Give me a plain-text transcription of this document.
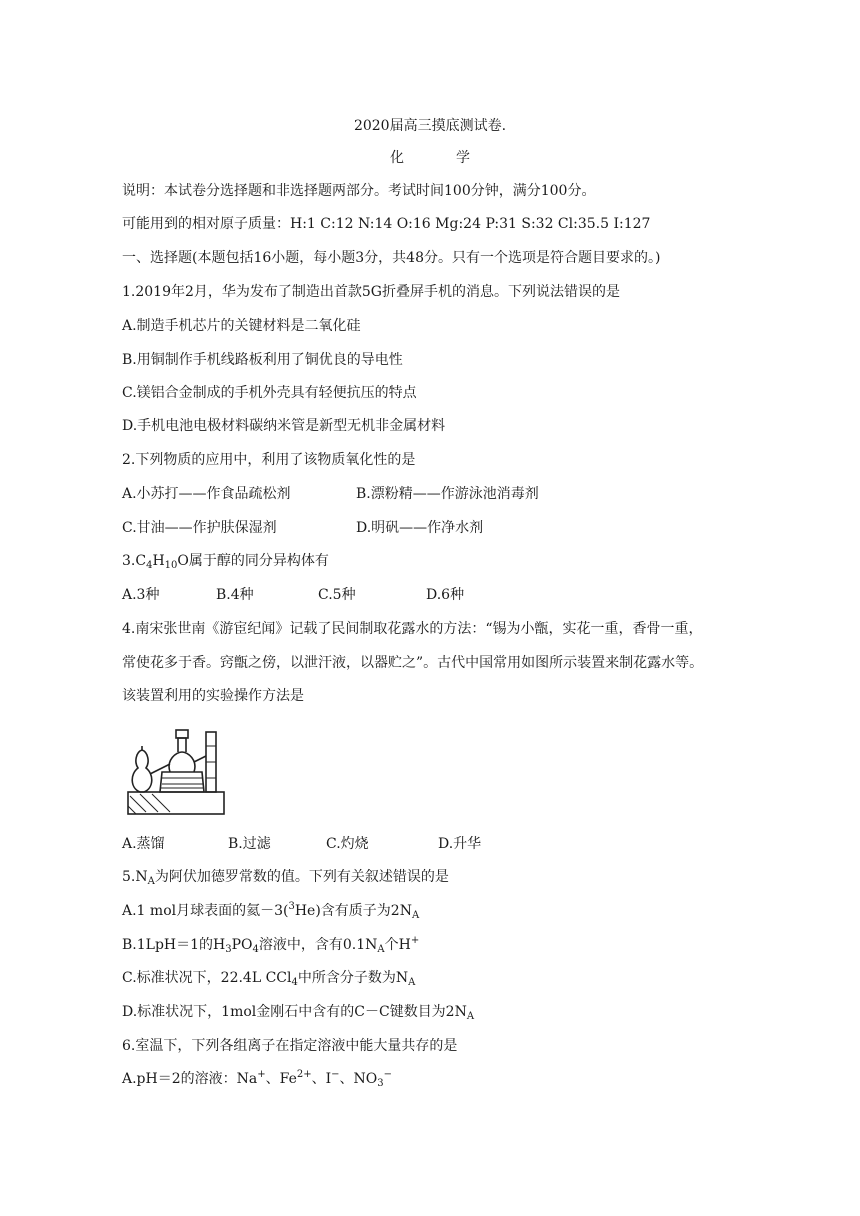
2020届高三摸底测试卷.
化	学
说明：本试卷分选择题和非选择题两部分。考试时间100分钟，满分100分。
可能用到的相对原子质量：H:1 C:12 N:14 O:16 Mg:24 P:31 S:32 Cl:35.5 I:127
一、选择题(本题包括16小题，每小题3分，共48分。只有一个选项是符合题目要求的。)
1.2019年2月，华为发布了制造出首款5G折叠屏手机的消息。下列说法错误的是
A.制造手机芯片的关键材料是二氧化硅
B.用铜制作手机线路板利用了铜优良的导电性
C.镁铝合金制成的手机外壳具有轻便抗压的特点
D.手机电池电极材料碳纳米管是新型无机非金属材料
2.下列物质的应用中，利用了该物质氧化性的是
A.小苏打——作食品疏松剂	B.漂粉精——作游泳池消毒剂
C.甘油——作护肤保湿剂	D.明矾——作净水剂
$3.C_4H_{10}O$属于醇的同分异构体有
A.3种	B.4种	C.5种	D.6种
4.南宋张世南《游宦纪闻》记载了民间制取花露水的方法：“锡为小甑，实花一重，香骨一重，
常使花多于香。窍甑之傍，以泄汗液，以器贮之”。古代中国常用如图所示装置来制花露水等。
该装置利用的实验操作方法是
A.蒸馏	B.过滤	C.灼烧	D.升华
$5.N_A$为阿伏加德罗常数的值。下列有关叙述错误的是
A.1 mol月球表面的氦－3($^3$He)含有质子为$2N_A$
B.1LpH＝1的$H_3PO_4$溶液中，含有$0.1N_A$个H+
C.标准状况下，22.4L CCl$_4$中所含分子数为$N_A$
D.标准状况下，1mol金刚石中含有的C－C键数目为$2N_A$
6.室温下，下列各组离子在指定溶液中能大量共存的是
A.pH＝2的溶液：Na+、$Fe^{2+}$、I−、$NO_3^-$
